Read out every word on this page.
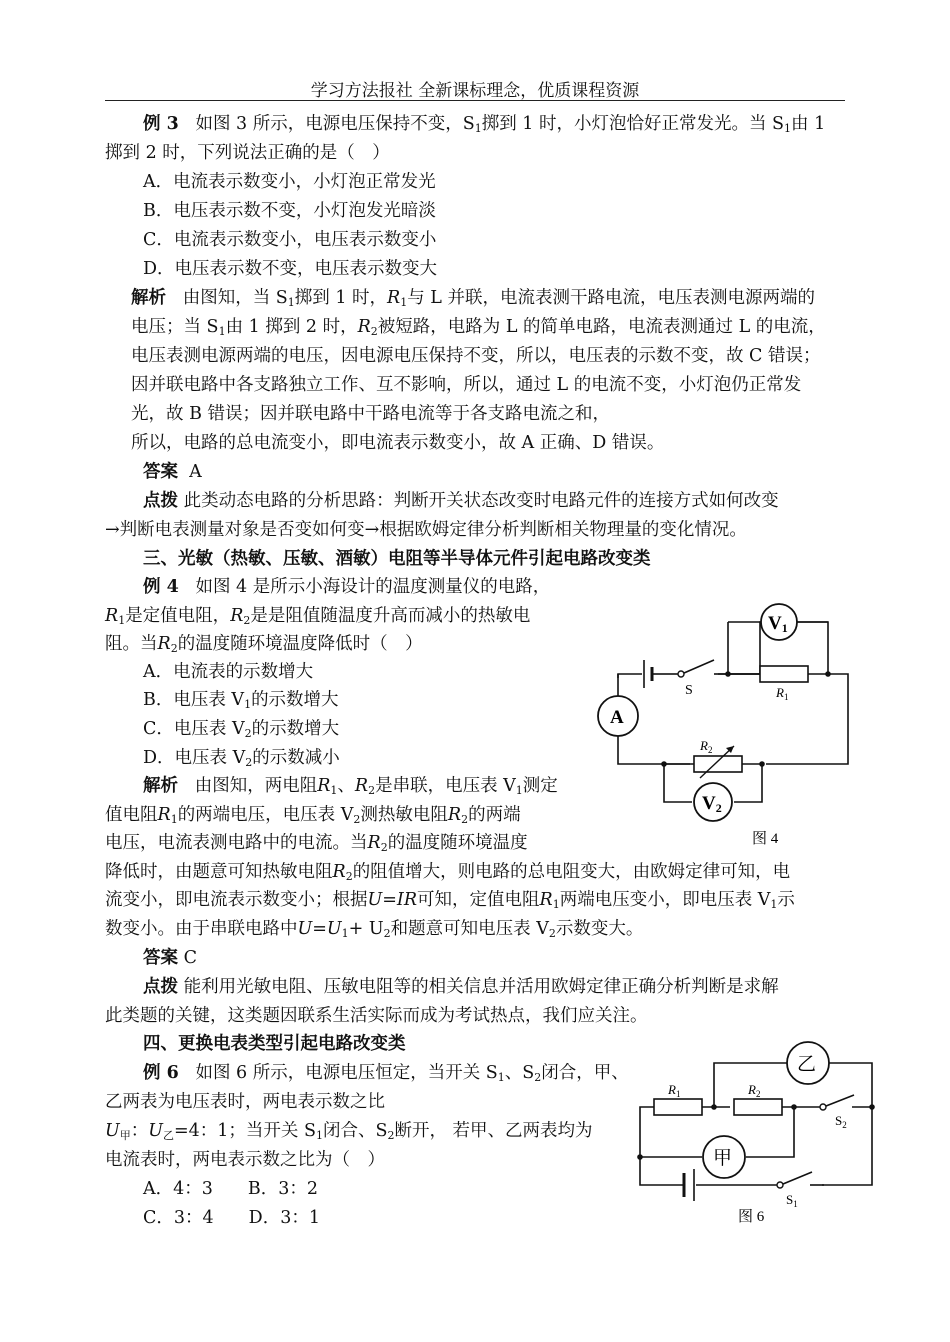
学习方法报社 全新课标理念，优质课程资源
例 3 如图 3 所示，电源电压保持不变，$S_1$掷到 1 时，小灯泡恰好正常发光。当 $S_1$由 1
掷到 2 时，下列说法正确的是（　）
A．电流表示数变小，小灯泡正常发光
B．电压表示数不变，小灯泡发光暗淡
C．电流表示数变小，电压表示数变小
D．电压表示数不变，电压表示数变大
解析 由图知，当 $S_1$掷到 1 时，$R_1$与 L 并联，电流表测干路电流，电压表测电源两端的
电压；当 $S_1$由 1 掷到 2 时，$R_2$被短路，电路为 L 的简单电路，电流表测通过 L 的电流，
电压表测电源两端的电压，因电源电压保持不变，所以，电压表的示数不变，故 C 错误；
因并联电路中各支路独立工作、互不影响，所以，通过 L 的电流不变，小灯泡仍正常发
光，故 B 错误；因并联电路中干路电流等于各支路电流之和，
所以，电路的总电流变小，即电流表示数变小，故 A 正确、D 错误。
答案 A
点拨 此类动态电路的分析思路：判断开关状态改变时电路元件的连接方式如何改变
→判断电表测量对象是否变如何变→根据欧姆定律分析判断相关物理量的变化情况。
三、光敏（热敏、压敏、酒敏）电阻等半导体元件引起电路改变类
例 4 如图 4 是所示小海设计的温度测量仪的电路，
$R_1$是定值电阻，$R_2$是是阻值随温度升高而减小的热敏电
阻。当$R_2$的温度随环境温度降低时（　）
A．电流表的示数增大
B．电压表 $V_1$的示数增大
C．电压表 $V_2$的示数增大
D．电压表 $V_2$的示数减小
解析 由图知，两电阻$R_1$、$R_2$是串联，电压表 $V_1$测定
值电阻$R_1$的两端电压，电压表 $V_2$测热敏电阻$R_2$的两端
电压，电流表测电路中的电流。当$R_2$的温度随环境温度
降低时，由题意可知热敏电阻$R_2$的阻值增大，则电路的总电阻变大，由欧姆定律可知，电
流变小，即电流表示数变小；根据U=IR可知，定值电阻$R_1$两端电压变小，即电压表 $V_1$示
数变小。由于串联电路中$U=U_1+ U_2$和题意可知电压表 $V_2$示数变大。
答案 C
点拨 能利用光敏电阻、压敏电阻等的相关信息并活用欧姆定律正确分析判断是求解
此类题的关键，这类题因联系生活实际而成为考试热点，我们应关注。
四、更换电表类型引起电路改变类
例 6 如图 6 所示，电源电压恒定，当开关 $S_1$、$S_2$闭合，甲、
乙两表为电压表时，两电表示数之比
$U_甲$：$U_乙=4$：1；当开关 $S_1$闭合、$S_2$断开， 若甲、乙两表均为
电流表时，两电表示数之比为（　）
A．4：3　　B．3：2
C．3：4　　D．3：1
S	$R_1$
V1
A
$R_2$
V2
图 4
$R_1$	$R_2$
乙
甲
$S_2$
$S_1$
图 6
